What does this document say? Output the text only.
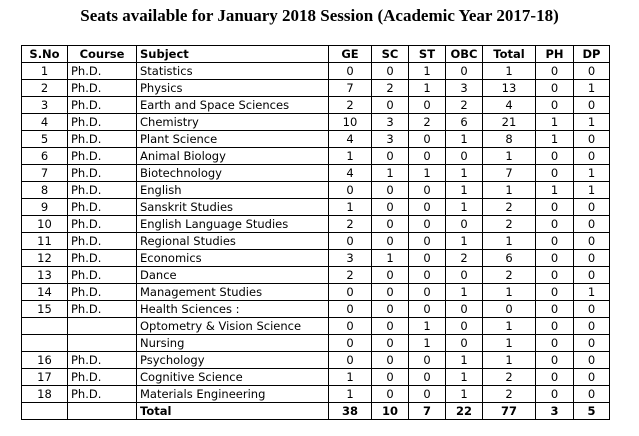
Seats available for January 2018 Session (Academic Year 2017-18)
S.No	Course	Subject	GE	SC	ST	OBC	Total	PH	DP
1	Ph.D.	Statistics	0	0	1	0	1	0	0
2	Ph.D.	Physics	7	2	1	3	13	0	1
3	Ph.D.	Earth and Space Sciences	2	0	0	2	4	0	0
4	Ph.D.	Chemistry	10	3	2	6	21	1	1
5	Ph.D.	Plant Science	4	3	0	1	8	1	0
6	Ph.D.	Animal Biology	1	0	0	0	1	0	0
7	Ph.D.	Biotechnology	4	1	1	1	7	0	1
8	Ph.D.	English	0	0	0	1	1	1	1
9	Ph.D.	Sanskrit Studies	1	0	0	1	2	0	0
10	Ph.D.	English Language Studies	2	0	0	0	2	0	0
11	Ph.D.	Regional Studies	0	0	0	1	1	0	0
12	Ph.D.	Economics	3	1	0	2	6	0	0
13	Ph.D.	Dance	2	0	0	0	2	0	0
14	Ph.D.	Management Studies	0	0	0	1	1	0	1
15	Ph.D.	Health Sciences :	0	0	0	0	0	0	0
		Optometry & Vision Science	0	0	1	0	1	0	0
		Nursing	0	0	1	0	1	0	0
16	Ph.D.	Psychology	0	0	0	1	1	0	0
17	Ph.D.	Cognitive Science	1	0	0	1	2	0	0
18	Ph.D.	Materials Engineering	1	0	0	1	2	0	0
		Total	38	10	7	22	77	3	5
